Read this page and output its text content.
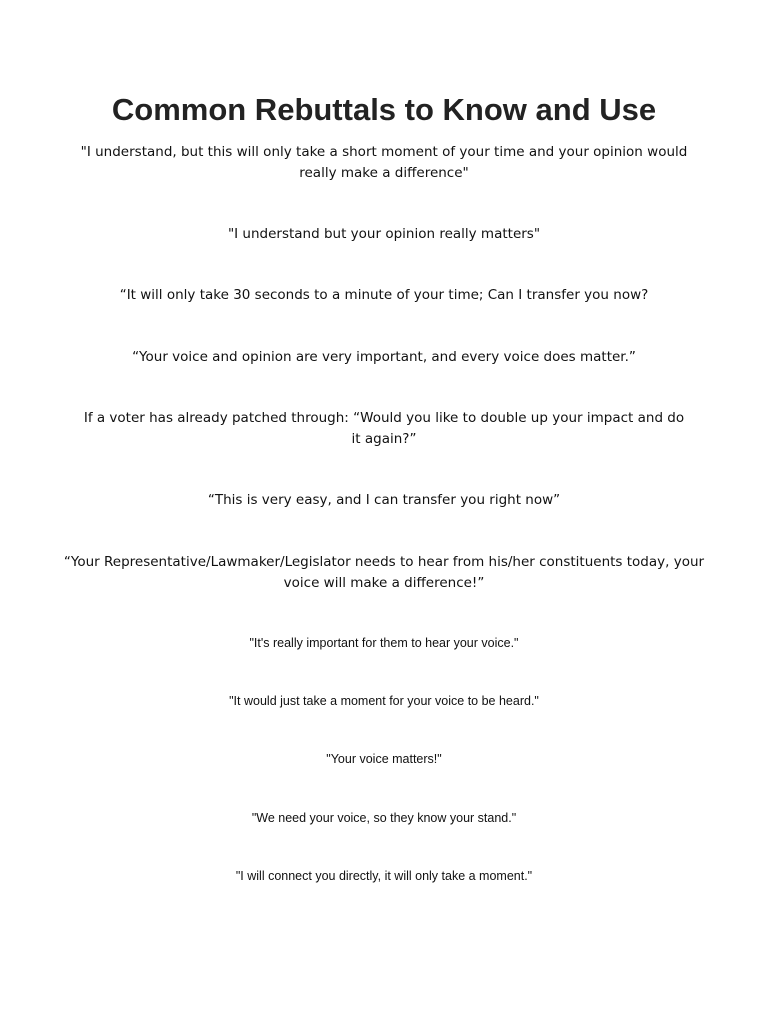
Common Rebuttals to Know and Use

"I understand, but this will only take a short moment of your time and your opinion would really make a difference"

"I understand but your opinion really matters"

“It will only take 30 seconds to a minute of your time; Can I transfer you now?

“Your voice and opinion are very important, and every voice does matter.”

If a voter has already patched through: “Would you like to double up your impact and do it again?”

“This is very easy, and I can transfer you right now”

“Your Representative/Lawmaker/Legislator needs to hear from his/her constituents today, your voice will make a difference!”

"It's really important for them to hear your voice."

"It would just take a moment for your voice to be heard."

"Your voice matters!"

"We need your voice, so they know your stand."

"I will connect you directly, it will only take a moment."
